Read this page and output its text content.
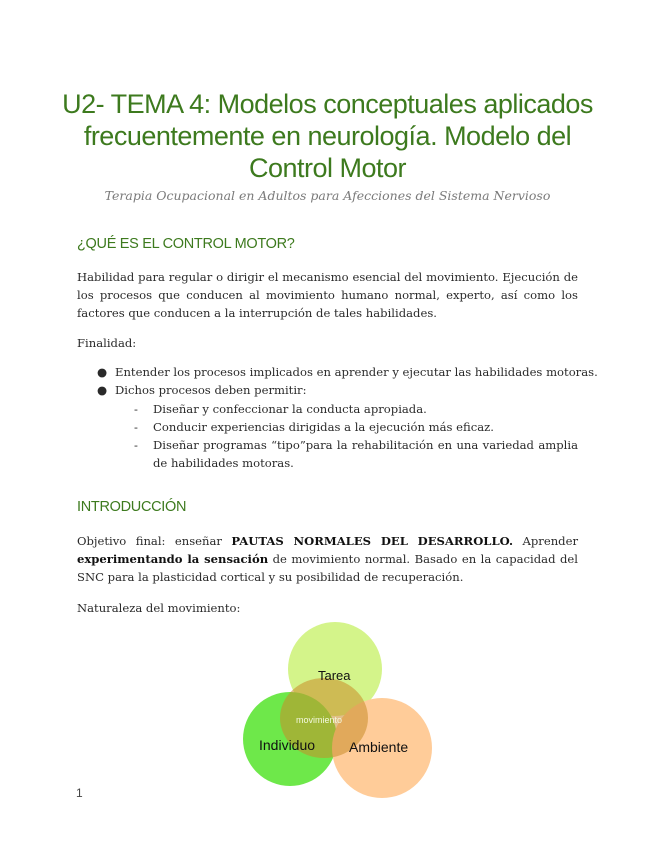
U2- TEMA 4: Modelos conceptuales aplicados
frecuentemente en neurología. Modelo del
Control Motor
Terapia Ocupacional en Adultos para Afecciones del Sistema Nervioso
¿QUÉ ES EL CONTROL MOTOR?
Habilidad para regular o dirigir el mecanismo esencial del movimiento. Ejecución de los procesos que conducen al movimiento humano normal, experto, así como los factores que conducen a la interrupción de tales habilidades.
Finalidad:
● Entender los procesos implicados en aprender y ejecutar las habilidades motoras.
● Dichos procesos deben permitir:
- Diseñar y confeccionar la conducta apropiada.
- Conducir experiencias dirigidas a la ejecución más eficaz.
- Diseñar programas “tipo”para la rehabilitación en una variedad amplia de habilidades motoras.
INTRODUCCIÓN
Objetivo final: enseñar PAUTAS NORMALES DEL DESARROLLO. Aprender experimentando la sensación de movimiento normal. Basado en la capacidad del SNC para la plasticidad cortical y su posibilidad de recuperación.
Naturaleza del movimiento:
Tarea
Individuo Ambiente
movimiento
1
